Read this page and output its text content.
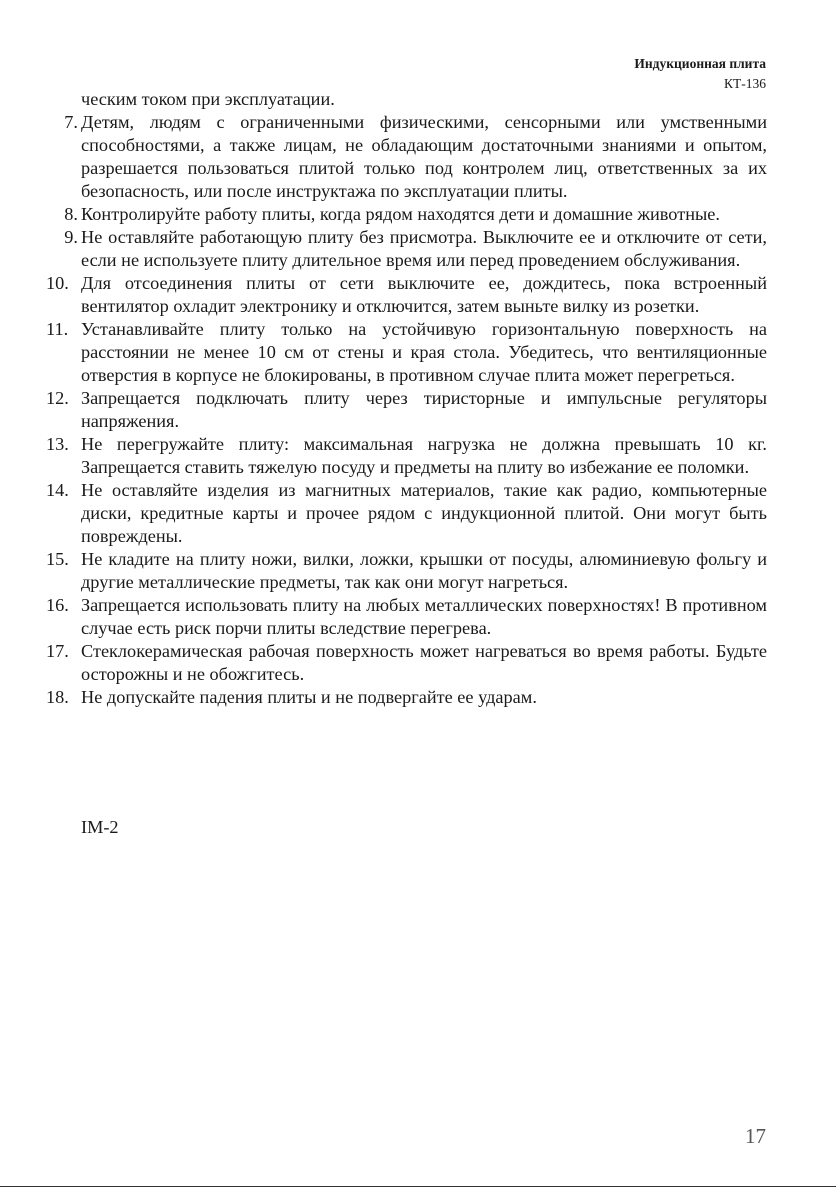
Индукционная плита
КТ-136

ческим током при эксплуатации.

7. Детям, людям с ограниченными физическими, сенсорными или умственными способностями, а также лицам, не обладающим достаточными знаниями и опытом, разрешается пользоваться плитой только под контролем лиц, ответственных за их безопасность, или после инструктажа по эксплуатации плиты.
8. Контролируйте работу плиты, когда рядом находятся дети и домашние животные.
9. Не оставляйте работающую плиту без присмотра. Выключите ее и отключите от сети, если не используете плиту длительное время или перед проведением обслуживания.
10. Для отсоединения плиты от сети выключите ее, дождитесь, пока встроенный вентилятор охладит электронику и отключится, затем выньте вилку из розетки.
11. Устанавливайте плиту только на устойчивую горизонтальную поверхность на расстоянии не менее 10 см от стены и края стола. Убедитесь, что вентиляционные отверстия в корпусе не блокированы, в противном случае плита может перегреться.
12. Запрещается подключать плиту через тиристорные и импульсные регуляторы напряжения.
13. Не перегружайте плиту: максимальная нагрузка не должна превышать 10 кг. Запрещается ставить тяжелую посуду и предметы на плиту во избежание ее поломки.
14. Не оставляйте изделия из магнитных материалов, такие как радио, компьютерные диски, кредитные карты и прочее рядом с индукционной плитой. Они могут быть повреждены.
15. Не кладите на плиту ножи, вилки, ложки, крышки от посуды, алюминиевую фольгу и другие металлические предметы, так как они могут нагреться.
16. Запрещается использовать плиту на любых металлических поверхностях! В противном случае есть риск порчи плиты вследствие перегрева.
17. Стеклокерамическая рабочая поверхность может нагреваться во время работы. Будьте осторожны и не обожгитесь.
18. Не допускайте падения плиты и не подвергайте ее ударам.
IM-2
17
